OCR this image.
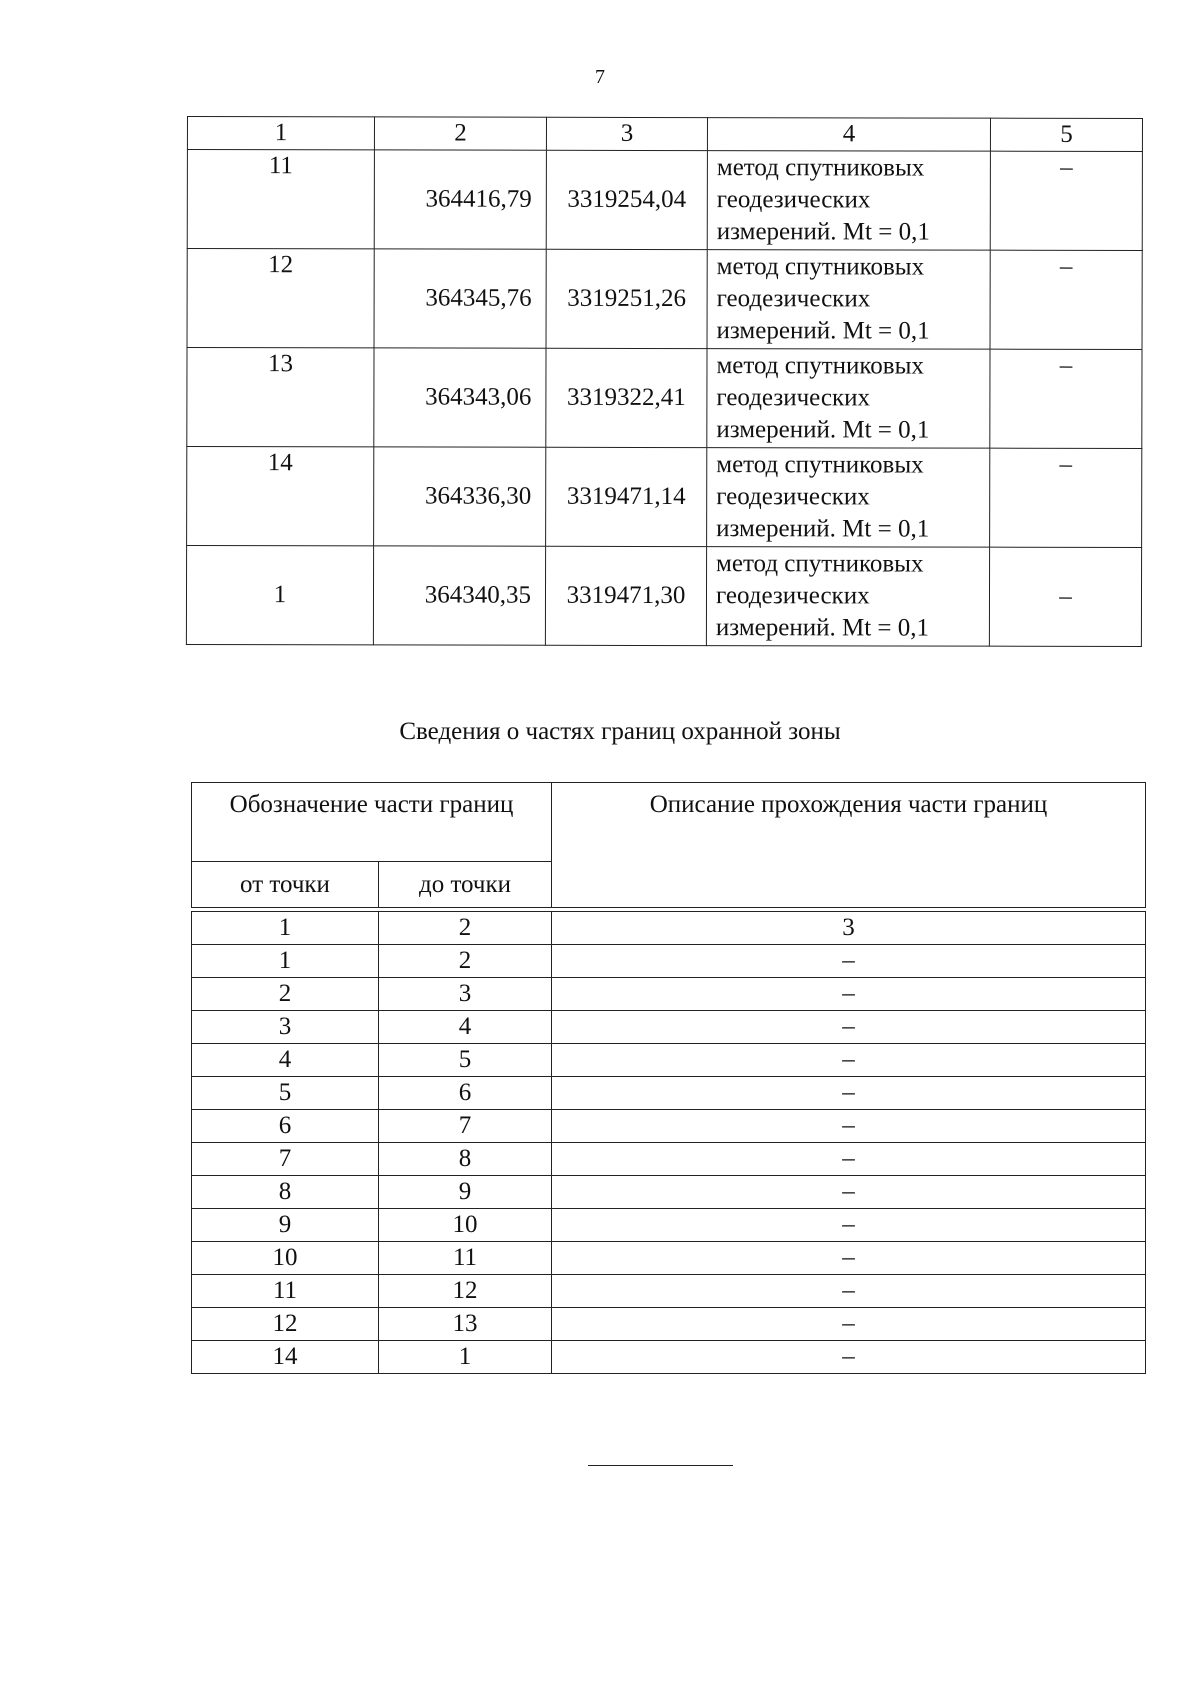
7
1	2	3	4	5
11	364416,79	3319254,04	метод спутниковых
геодезических
измерений. Mt = 0,1	–
12	364345,76	3319251,26	метод спутниковых
геодезических
измерений. Mt = 0,1	–
13	364343,06	3319322,41	метод спутниковых
геодезических
измерений. Mt = 0,1	–
14	364336,30	3319471,14	метод спутниковых
геодезических
измерений. Mt = 0,1	–
1	364340,35	3319471,30	метод спутниковых
геодезических
измерений. Mt = 0,1	–
Сведения о частях границ охранной зоны
Обозначение части границ		Описание прохождения части границ
от точки	до точки	

1	2	3
1	2	–
2	3	–
3	4	–
4	5	–
5	6	–
6	7	–
7	8	–
8	9	–
9	10	–
10	11	–
11	12	–
12	13	–
14	1	–
